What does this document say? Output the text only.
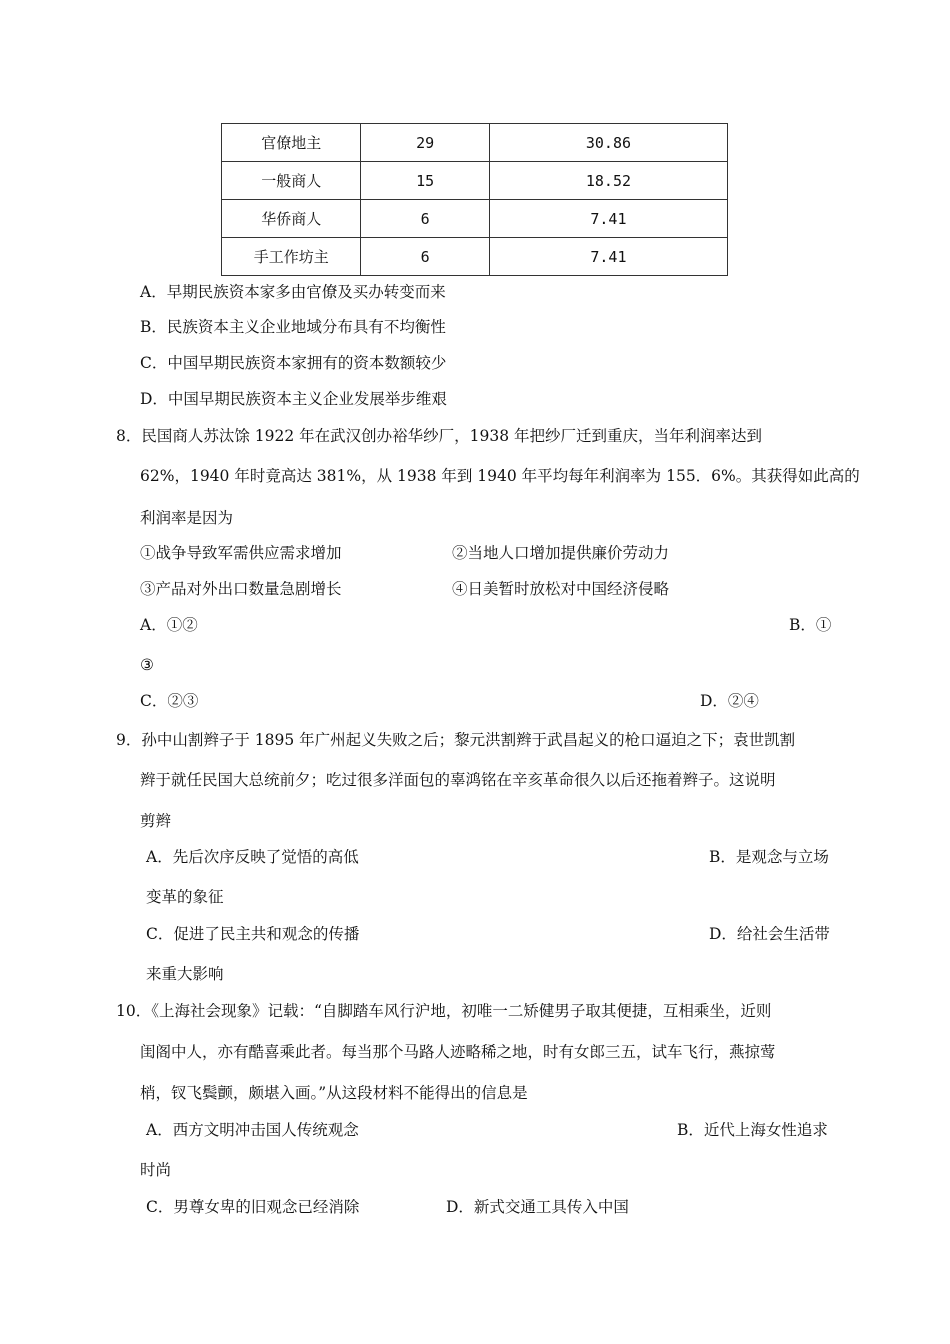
官僚地主	29	30.86
一般商人	15	18.52
华侨商人	6	7.41
手工作坊主	6	7.41
A．早期民族资本家多由官僚及买办转变而来
B．民族资本主义企业地域分布具有不均衡性
C．中国早期民族资本家拥有的资本数额较少
D．中国早期民族资本主义企业发展举步维艰
8．民国商人苏汰馀 1922 年在武汉创办裕华纱厂，1938 年把纱厂迁到重庆，当年利润率达到
62%，1940 年时竟高达 381%，从 1938 年到 1940 年平均每年利润率为 155．6%。其获得如此高的
利润率是因为
①战争导致军需供应需求增加	②当地人口增加提供廉价劳动力
③产品对外出口数量急剧增长	④日美暂时放松对中国经济侵略
A．①②	B．①
③
C．②③	D．②④
9．孙中山割辫子于 1895 年广州起义失败之后；黎元洪割辫于武昌起义的枪口逼迫之下；袁世凯割
辫于就任民国大总统前夕；吃过很多洋面包的辜鸿铭在辛亥革命很久以后还拖着辫子。这说明
剪辫
A．先后次序反映了觉悟的高低	B．是观念与立场
变革的象征
C．促进了民主共和观念的传播	D．给社会生活带
来重大影响
10．《上海社会现象》记载：“自脚踏车风行沪地，初唯一二矫健男子取其便捷，互相乘坐，近则
闺阁中人，亦有酷喜乘此者。每当那个马路人迹略稀之地，时有女郎三五，试车飞行，燕掠莺
梢，钗飞鬓颤，颇堪入画。”从这段材料不能得出的信息是
A．西方文明冲击国人传统观念	B．近代上海女性追求
时尚
C．男尊女卑的旧观念已经消除	D．新式交通工具传入中国
